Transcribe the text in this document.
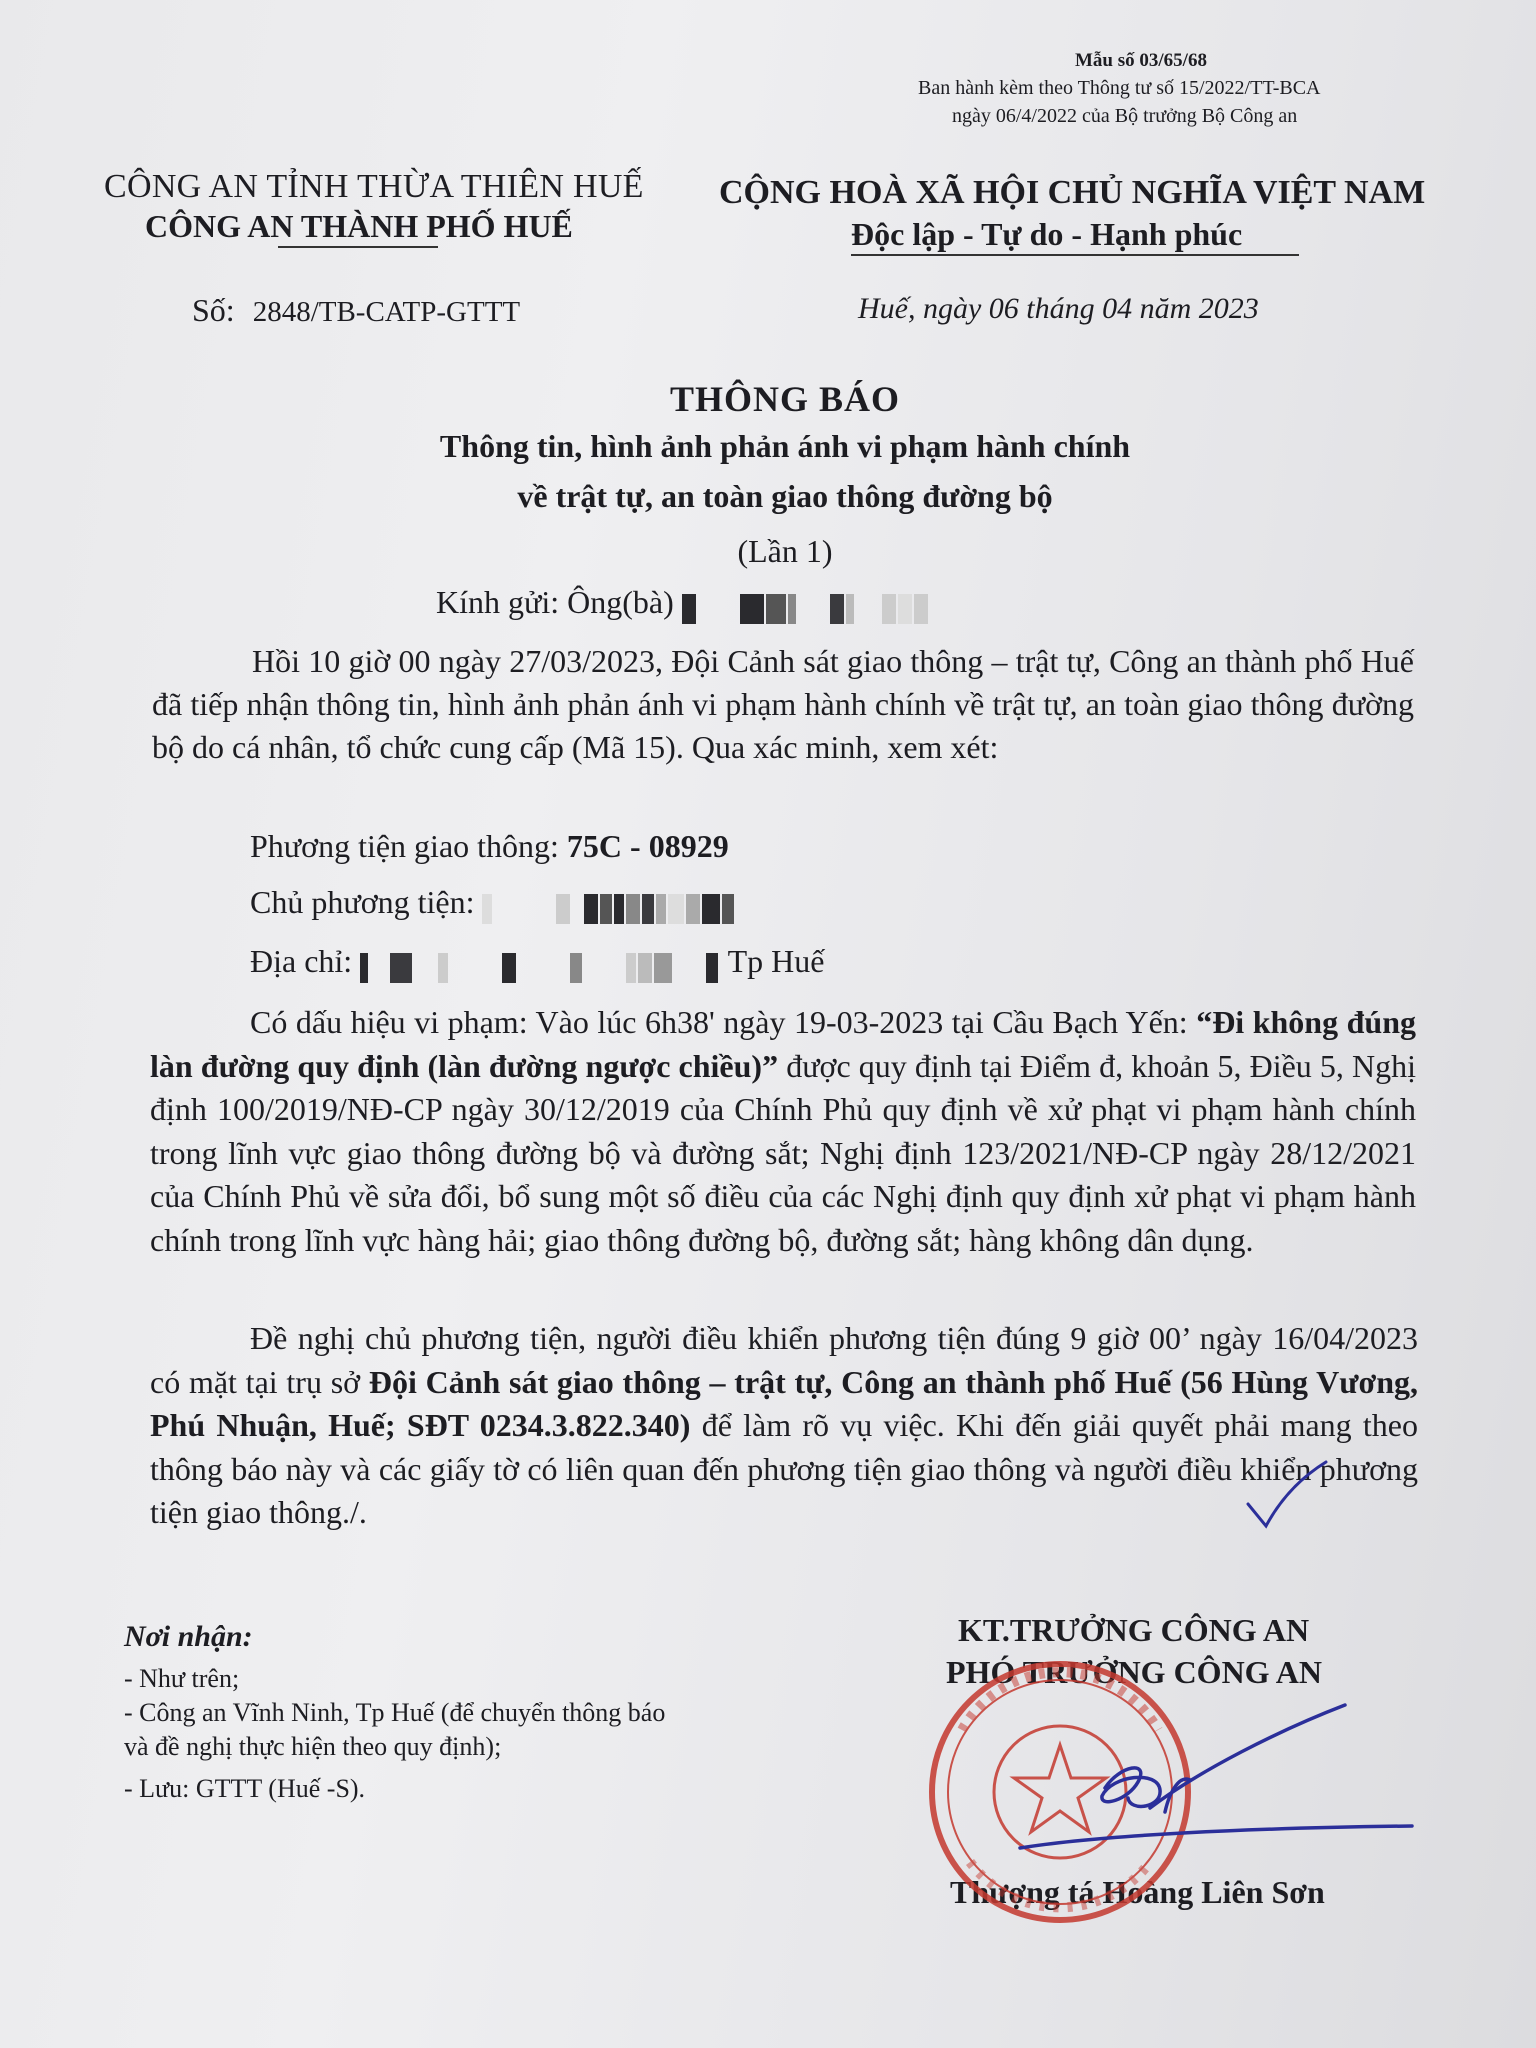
Mẫu số 03/65/68
Ban hành kèm theo Thông tư số 15/2022/TT-BCA
ngày 06/4/2022 của Bộ trưởng Bộ Công an
CÔNG AN TỈNH THỪA THIÊN HUẾ
CÔNG AN THÀNH PHỐ HUẾ
CỘNG HOÀ XÃ HỘI CHỦ NGHĨA VIỆT NAM
Độc lập - Tự do - Hạnh phúc
Số: 2848/TB-CATP-GTTT	Huế, ngày 06 tháng 04 năm 2023
THÔNG BÁO
Thông tin, hình ảnh phản ánh vi phạm hành chính
về trật tự, an toàn giao thông đường bộ
(Lần 1)
Kính gửi: Ông(bà)
Hồi 10 giờ 00 ngày 27/03/2023, Đội Cảnh sát giao thông – trật tự, Công an thành phố Huế đã tiếp nhận thông tin, hình ảnh phản ánh vi phạm hành chính về trật tự, an toàn giao thông đường bộ do cá nhân, tổ chức cung cấp (Mã 15). Qua xác minh, xem xét:
Phương tiện giao thông: 75C - 08929
Chủ phương tiện:
Địa chỉ:	Tp Huế
Có dấu hiệu vi phạm: Vào lúc 6h38' ngày 19-03-2023 tại Cầu Bạch Yến: “Đi không đúng làn đường quy định (làn đường ngược chiều)” được quy định tại Điểm đ, khoản 5, Điều 5, Nghị định 100/2019/NĐ-CP ngày 30/12/2019 của Chính Phủ quy định về xử phạt vi phạm hành chính trong lĩnh vực giao thông đường bộ và đường sắt; Nghị định 123/2021/NĐ-CP ngày 28/12/2021 của Chính Phủ về sửa đổi, bổ sung một số điều của các Nghị định quy định xử phạt vi phạm hành chính trong lĩnh vực hàng hải; giao thông đường bộ, đường sắt; hàng không dân dụng.
Đề nghị chủ phương tiện, người điều khiển phương tiện đúng 9 giờ 00’ ngày 16/04/2023 có mặt tại trụ sở Đội Cảnh sát giao thông – trật tự, Công an thành phố Huế (56 Hùng Vương, Phú Nhuận, Huế; SĐT 0234.3.822.340) để làm rõ vụ việc. Khi đến giải quyết phải mang theo thông báo này và các giấy tờ có liên quan đến phương tiện giao thông và người điều khiển phương tiện giao thông./.
Nơi nhận:
- Như trên;
- Công an Vĩnh Ninh, Tp Huế (để chuyển thông báo
và đề nghị thực hiện theo quy định);
- Lưu: GTTT (Huế -S).
KT.TRƯỞNG CÔNG AN
PHÓ TRƯỞNG CÔNG AN
Thượng tá Hoàng Liên Sơn
